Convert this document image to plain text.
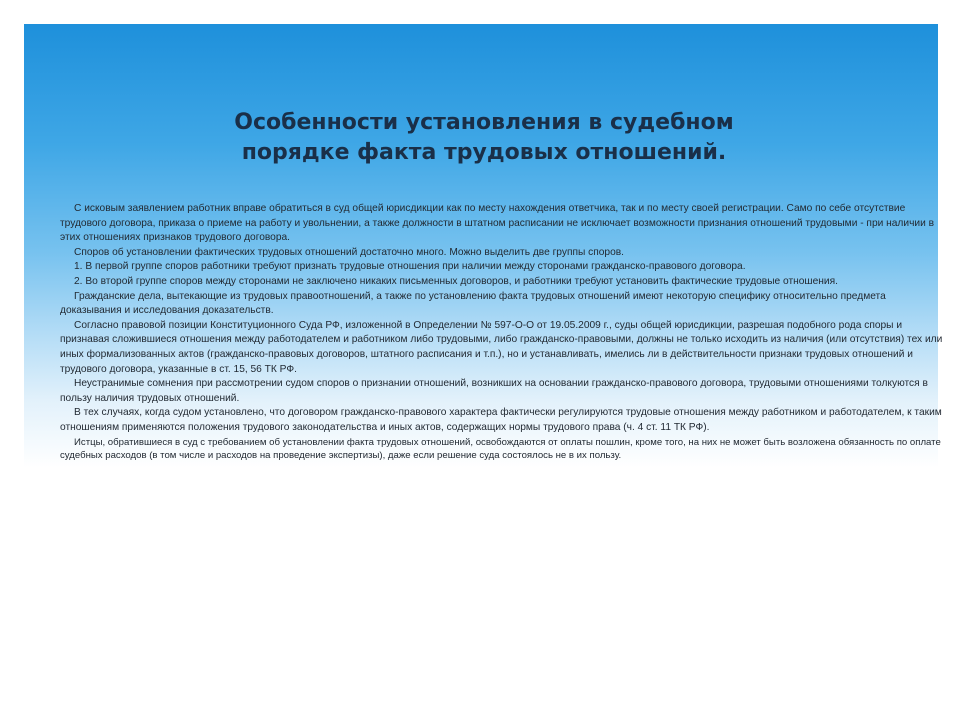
Особенности установления в судебном
порядке факта трудовых отношений.

С исковым заявлением работник вправе обратиться в суд общей юрисдикции как по месту нахождения ответчика, так и по месту своей регистрации. Само по себе отсутствие трудового договора, приказа о приеме на работу и увольнении, а также должности в штатном расписании не исключает возможности признания отношений трудовыми - при наличии в этих отношениях признаков трудового договора.

Споров об установлении фактических трудовых отношений достаточно много. Можно выделить две группы споров.

1. В первой группе споров работники требуют признать трудовые отношения при наличии между сторонами гражданско-правового договора.

2. Во второй группе споров между сторонами не заключено никаких письменных договоров, и работники требуют установить фактические трудовые отношения.

Гражданские дела, вытекающие из трудовых правоотношений, а также по установлению факта трудовых отношений имеют некоторую специфику относительно предмета доказывания и исследования доказательств.

Согласно правовой позиции Конституционного Суда РФ, изложенной в Определении № 597-О-О от 19.05.2009 г., суды общей юрисдикции, разрешая подобного рода споры и признавая сложившиеся отношения между работодателем и работником либо трудовыми, либо гражданско-правовыми, должны не только исходить из наличия (или отсутствия) тех или иных формализованных актов (гражданско-правовых договоров, штатного расписания и т.п.), но и устанавливать, имелись ли в действительности признаки трудовых отношений и трудового договора, указанные в ст. 15, 56 ТК РФ.

Неустранимые сомнения при рассмотрении судом споров о признании отношений, возникших на основании гражданско-правового договора, трудовыми отношениями толкуются в пользу наличия трудовых отношений.

В тех случаях, когда судом установлено, что договором гражданско-правового характера фактически регулируются трудовые отношения между работником и работодателем, к таким отношениям применяются положения трудового законодательства и иных актов, содержащих нормы трудового права (ч. 4 ст. 11 ТК РФ).

Истцы, обратившиеся в суд с требованием об установлении факта трудовых отношений, освобождаются от оплаты пошлин, кроме того, на них не может быть возложена обязанность по оплате судебных расходов (в том числе и расходов на проведение экспертизы), даже если решение суда состоялось не в их пользу.
